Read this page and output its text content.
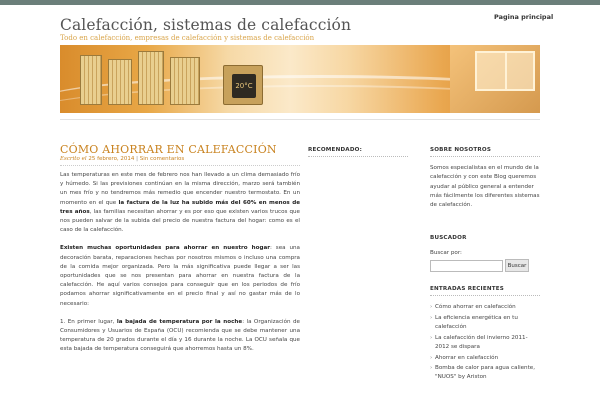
Calefacción, sistemas de calefacción
Todo en calefacción, empresas de calefacción y sistemas de calefacción
Pagina principal
20°C
CÓMO AHORRAR EN CALEFACCIÓN
Escrito el 25 febrero, 2014 | Sin comentarios

Las temperaturas en este mes de febrero nos han llevado a un clima demasiado frío y húmedo. Si las previsiones continúan en la misma dirección, marzo será también un mes frío y no tendremos más remedio que encender nuestro termostato. En un momento en el que la factura de la luz ha subido más del 60% en menos de tres años, las familias necesitan ahorrar y es por eso que existen varios trucos que nos pueden salvar de la subida del precio de nuestra factura del hogar: como es el caso de la calefacción.

Existen muchas oportunidades para ahorrar en nuestro hogar: sea una decoración barata, reparaciones hechas por nosotros mismos o incluso una compra de la comida mejor organizada. Pero la más significativa puede llegar a ser las oportunidades que se nos presentan para ahorrar en nuestra factura de la calefacción. He aquí varios consejos para conseguir que en los periodos de frío podamos ahorrar significativamente en el precio final y así no gastar más de lo necesario:

1. En primer lugar, la bajada de temperatura por la noche: la Organización de Consumidores y Usuarios de España (OCU) recomienda que se debe mantener una temperatura de 20 grados durante el día y 16 durante la noche. La OCU señala que esta bajada de temperatura conseguirá que ahorremos hasta un 8%.

RECOMENDADO:	SOBRE NOSOTROS
Somos especialistas en el mundo de la calefacción y con este Blog queremos ayudar al público general a entender más fácilmente los diferentes sistemas de calefacción.
BUSCADOR
Buscar por:
Buscar
ENTRADAS RECIENTES
› Cómo ahorrar en calefacción
› La eficiencia energética en tu calefacción
› La calefacción del invierno 2011-2012 se dispara
› Ahorrar en calefacción
› Bomba de calor para agua caliente, "NUOS" by Ariston
